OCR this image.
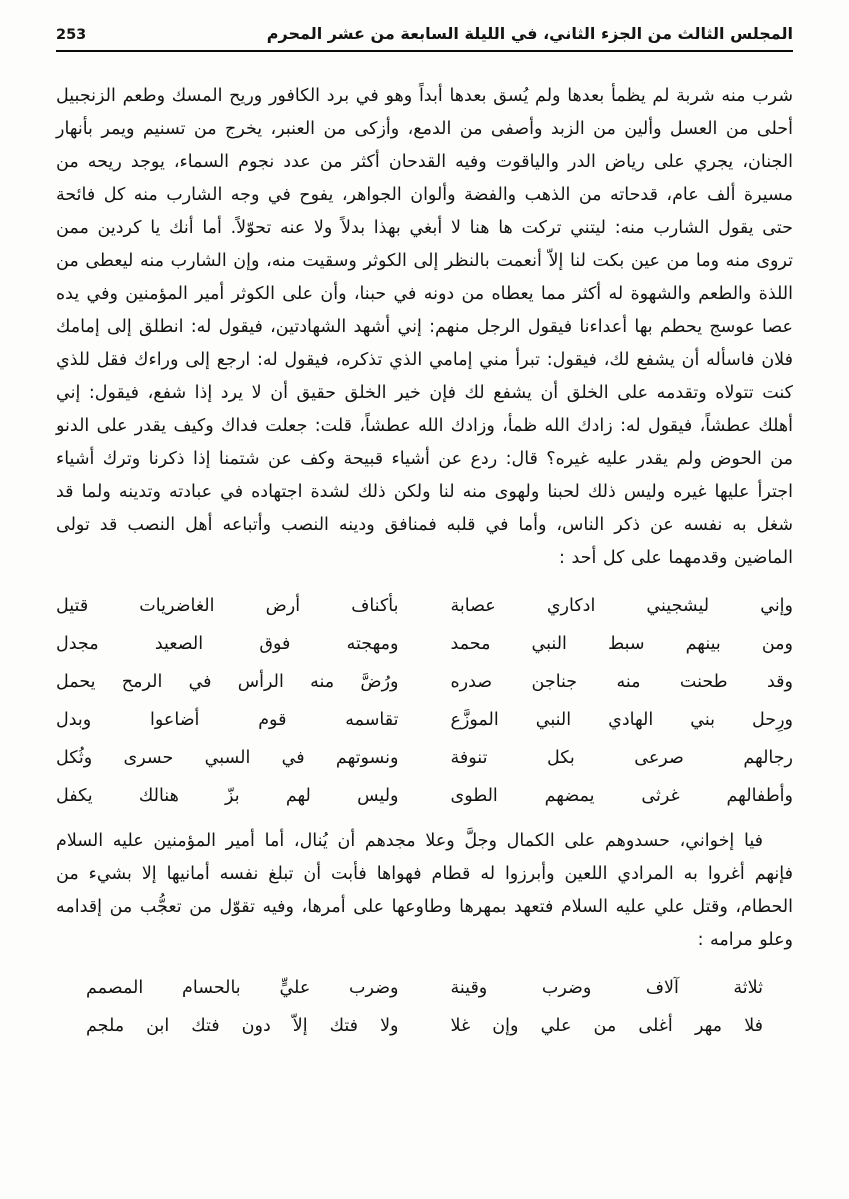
المجلس الثالث من الجزء الثاني، في الليلة السابعة من عشر المحرم
253
شرب منه شربة لم يظمأ بعدها ولم يُسق بعدها أبداً وهو في برد الكافور وريح المسك وطعم الزنجبيل أحلى من العسل وألين من الزبد وأصفى من الدمع، وأزكى من العنبر، يخرج من تسنيم ويمر بأنهار الجنان، يجري على رياض الدر والياقوت وفيه القدحان أكثر من عدد نجوم السماء، يوجد ريحه من مسيرة ألف عام، قدحاته من الذهب والفضة وألوان الجواهر، يفوح في وجه الشارب منه كل فائحة حتى يقول الشارب منه: ليتني تركت ها هنا لا أبغي بهذا بدلاً ولا عنه تحوّلاً. أما أنك يا كردين ممن تروى منه وما من عين بكت لنا إلاّ أنعمت بالنظر إلى الكوثر وسقيت منه، وإن الشارب منه ليعطى من اللذة والطعم والشهوة له أكثر مما يعطاه من دونه في حبنا، وأن على الكوثر أمير المؤمنين وفي يده عصا عوسج يحطم بها أعداءنا فيقول الرجل منهم: إني أشهد الشهادتين، فيقول له: انطلق إلى إمامك فلان فاسأله أن يشفع لك، فيقول: تبرأ مني إمامي الذي تذكره، فيقول له: ارجع إلى وراءك فقل للذي كنت تتولاه وتقدمه على الخلق أن يشفع لك فإن خير الخلق حقيق أن لا يرد إذا شفع، فيقول: إني أهلك عطشاً، فيقول له: زادك الله ظمأ، وزادك الله عطشاً، قلت: جعلت فداك وكيف يقدر على الدنو من الحوض ولم يقدر عليه غيره؟ قال: ردع عن أشياء قبيحة وكف عن شتمنا إذا ذكرنا وترك أشياء اجترأ عليها غيره وليس ذلك لحبنا ولهوى منه لنا ولكن ذلك لشدة اجتهاده في عبادته وتدينه ولما قد شغل به نفسه عن ذكر الناس، وأما في قلبه فمنافق ودينه النصب وأتباعه أهل النصب قد تولى الماضين وقدمهما على كل أحد :
وإني ليشجيني ادكاري عصابة
بأكناف أرض الغاضريات قتيل
ومن بينهم سبط النبي محمد
ومهجته فوق الصعيد مجدل
وقد طحنت منه جناجن صدره
ورُضَّ منه الرأس في الرمح يحمل
ورِحل بني الهادي النبي الموزَّع
تقاسمه قوم أضاعوا وبدل
رجالهم صرعى بكل تنوفة
ونسوتهم في السبي حسرى وثُكل
وأطفالهم غرثى يمضهم الطوى
وليس لهم بزّ هنالك يكفل
فيا إخواني، حسدوهم على الكمال وجلَّ وعلا مجدهم أن يُنال، أما أمير المؤمنين عليه السلام فإنهم أغروا به المرادي اللعين وأبرزوا له قطام فهواها فأبت أن تبلغ نفسه أمانيها إلا بشيء من الحطام، وقتل علي عليه السلام فتعهد بمهرها وطاوعها على أمرها، وفيه تقوّل من تعجُّب من إقدامه وعلو مرامه :
ثلاثة آلاف وضرب وقينة
وضرب عليٍّ بالحسام المصمم
فلا مهر أغلى من علي وإن غلا
ولا فتك إلاّ دون فتك ابن ملجم
